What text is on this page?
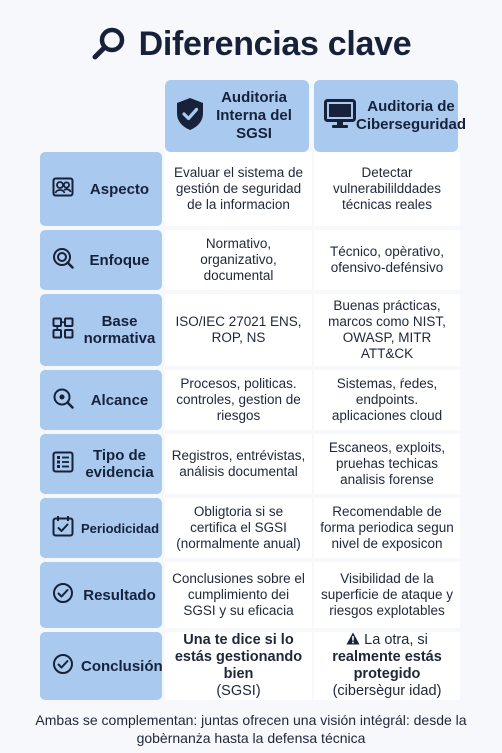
Diferencias clave
Auditoria Interna del SGSI
Auditoria de Ciberseguridad
Aspecto
Evaluar el sistema de gestión de seguridad de la informacion
Detectar vulnerabililddades técnicas reales
Enfoque
Normativo, organizativo, documental
Técnico, opèrativo, ofensivo-defénsivo
Base normativa
ISO/IEC 27021 ENS, ROP, NS
Buenas prácticas, marcos como NIST, OWASP, MITR ATT&CK
Alcance
Procesos, politicas. controles, gestion de riesgos
Sistemas, ŕedes, endpoints. aplicaciones cloud
Tipo de evidencia
Registros, entrévistas, análisis documental
Escaneos, exploits, pruehas techicas analisis forense
Periodicidad
Obligtoria si se certifica el SGSI (normalmente anual)
Recomendable de forma periodica segun nivel de exposicon
Resultado
Conclusiones sobre el cumplimiento dei SGSI y su eficacia
Visibilidad de la superficie de ataque y riesgos explotables
Conclusión
Una te dice si lo estás gestionando bien
(SGSI)
La otra, si
realmente estás protegido
(cibersègur idad)
Ambas se complementan: juntas ofrecen una visión intégrál: desde la gobèrnanża hasta la defensa técnica
